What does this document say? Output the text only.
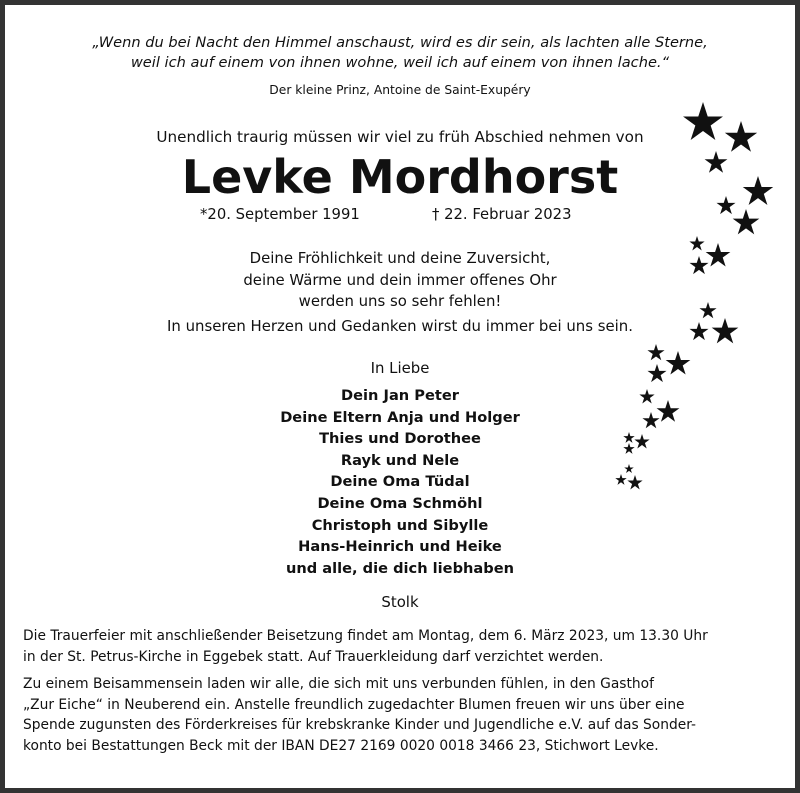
„Wenn du bei Nacht den Himmel anschaust, wird es dir sein, als lachten alle Sterne,
weil ich auf einem von ihnen wohne, weil ich auf einem von ihnen lache.“
Der kleine Prinz, Antoine de Saint-Exupéry
Unendlich traurig müssen wir viel zu früh Abschied nehmen von
Levke Mordhorst
*20. September 1991	† 22. Februar 2023
Deine Fröhlichkeit und deine Zuversicht,
deine Wärme und dein immer offenes Ohr
werden uns so sehr fehlen!
In unseren Herzen und Gedanken wirst du immer bei uns sein.
In Liebe
Dein Jan Peter
Deine Eltern Anja und Holger
Thies und Dorothee
Rayk und Nele
Deine Oma Tüdal
Deine Oma Schmöhl
Christoph und Sibylle
Hans-Heinrich und Heike
und alle, die dich liebhaben
Stolk
Die Trauerfeier mit anschließender Beisetzung findet am Montag, dem 6. März 2023, um 13.30 Uhr
in der St. Petrus-Kirche in Eggebek statt. Auf Trauerkleidung darf verzichtet werden.
Zu einem Beisammensein laden wir alle, die sich mit uns verbunden fühlen, in den Gasthof
„Zur Eiche“ in Neuberend ein. Anstelle freundlich zugedachter Blumen freuen wir uns über eine
Spende zugunsten des Förderkreises für krebskranke Kinder und Jugendliche e.V. auf das Sonder-
konto bei Bestattungen Beck mit der IBAN DE27 2169 0020 0018 3466 23, Stichwort Levke.
